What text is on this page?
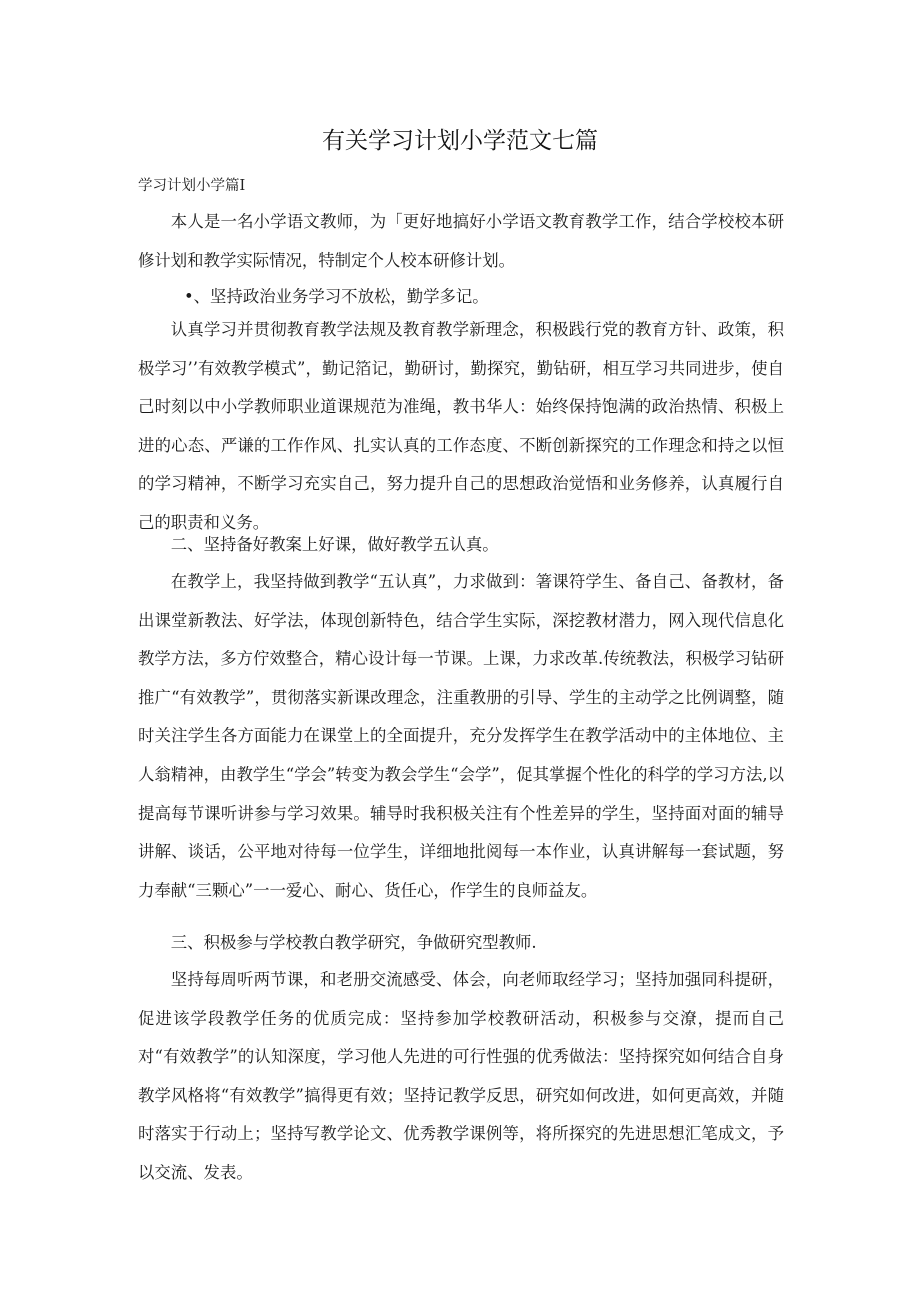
有关学习计划小学范文七篇
学习计划小学篇I
本人是一名小学语文教师，为「更好地搞好小学语文教育教学工作，结合学校校本研修计划和教学实际情况，特制定个人校本研修计划。
•、坚持政治业务学习不放松，勤学多记。
认真学习并贯彻教育教学法规及教育教学新理念，积极践行党的教育方针、政策，积极学习’’有效教学模式”，勤记箔记，勤研讨，勤探究，勤钻研，相互学习共同进步，使自己时刻以中小学教师职业道课规范为准绳，教书华人：始终保持饱满的政治热情、积极上进的心态、严谦的工作作风、扎实认真的工作态度、不断创新探究的工作理念和持之以恒的学习精神，不断学习充实自己，努力提升自己的思想政治觉悟和业务修养，认真履行自己的职责和义务。
二、坚持备好教案上好课，做好教学五认真。
在教学上，我坚持做到教学“五认真”，力求做到：箸课符学生、备自己、备教材，备出课堂新教法、好学法，体现创新特色，结合学生实际，深挖教材潜力，网入现代信息化教学方法，多方佇效整合，精心设计每一节课。上课，力求改革.传统教法，积极学习钻研推广“有效教学”，贯彻落实新课改理念，注重教册的引导、学生的主动学之比例调整，随时关注学生各方面能力在课堂上的全面提升，充分发挥学生在教学活动中的主体地位、主人翁精神，由教学生“学会”转变为教会学生“会学”，促其掌握个性化的科学的学习方法,以提高每节课听讲参与学习效果。辅导时我积极关注有个性差异的学生，坚持面对面的辅导讲解、谈话，公平地对待每一位学生，详细地批阅每一本作业，认真讲解每一套试题，努力奉献“三颗心”一一爱心、耐心、货任心，作学生的良师益友。
三、积极参与学校教白教学研究，争做研究型教师.
坚持每周听两节课，和老册交流感受、体会，向老师取经学习；坚持加强同科提研，促进该学段教学任务的优质完成：坚持参加学校教研活动，积极参与交潦，提而自己对“有效教学”的认知深度，学习他人先进的可行性强的优秀做法：坚持探究如何结合自身教学风格将“有效教学”搞得更有效；坚持记教学反思，研究如何改进，如何更高效，并随时落实于行动上；坚持写教学论文、优秀教学课例等，将所探究的先进思想汇笔成文，予以交流、发表。
